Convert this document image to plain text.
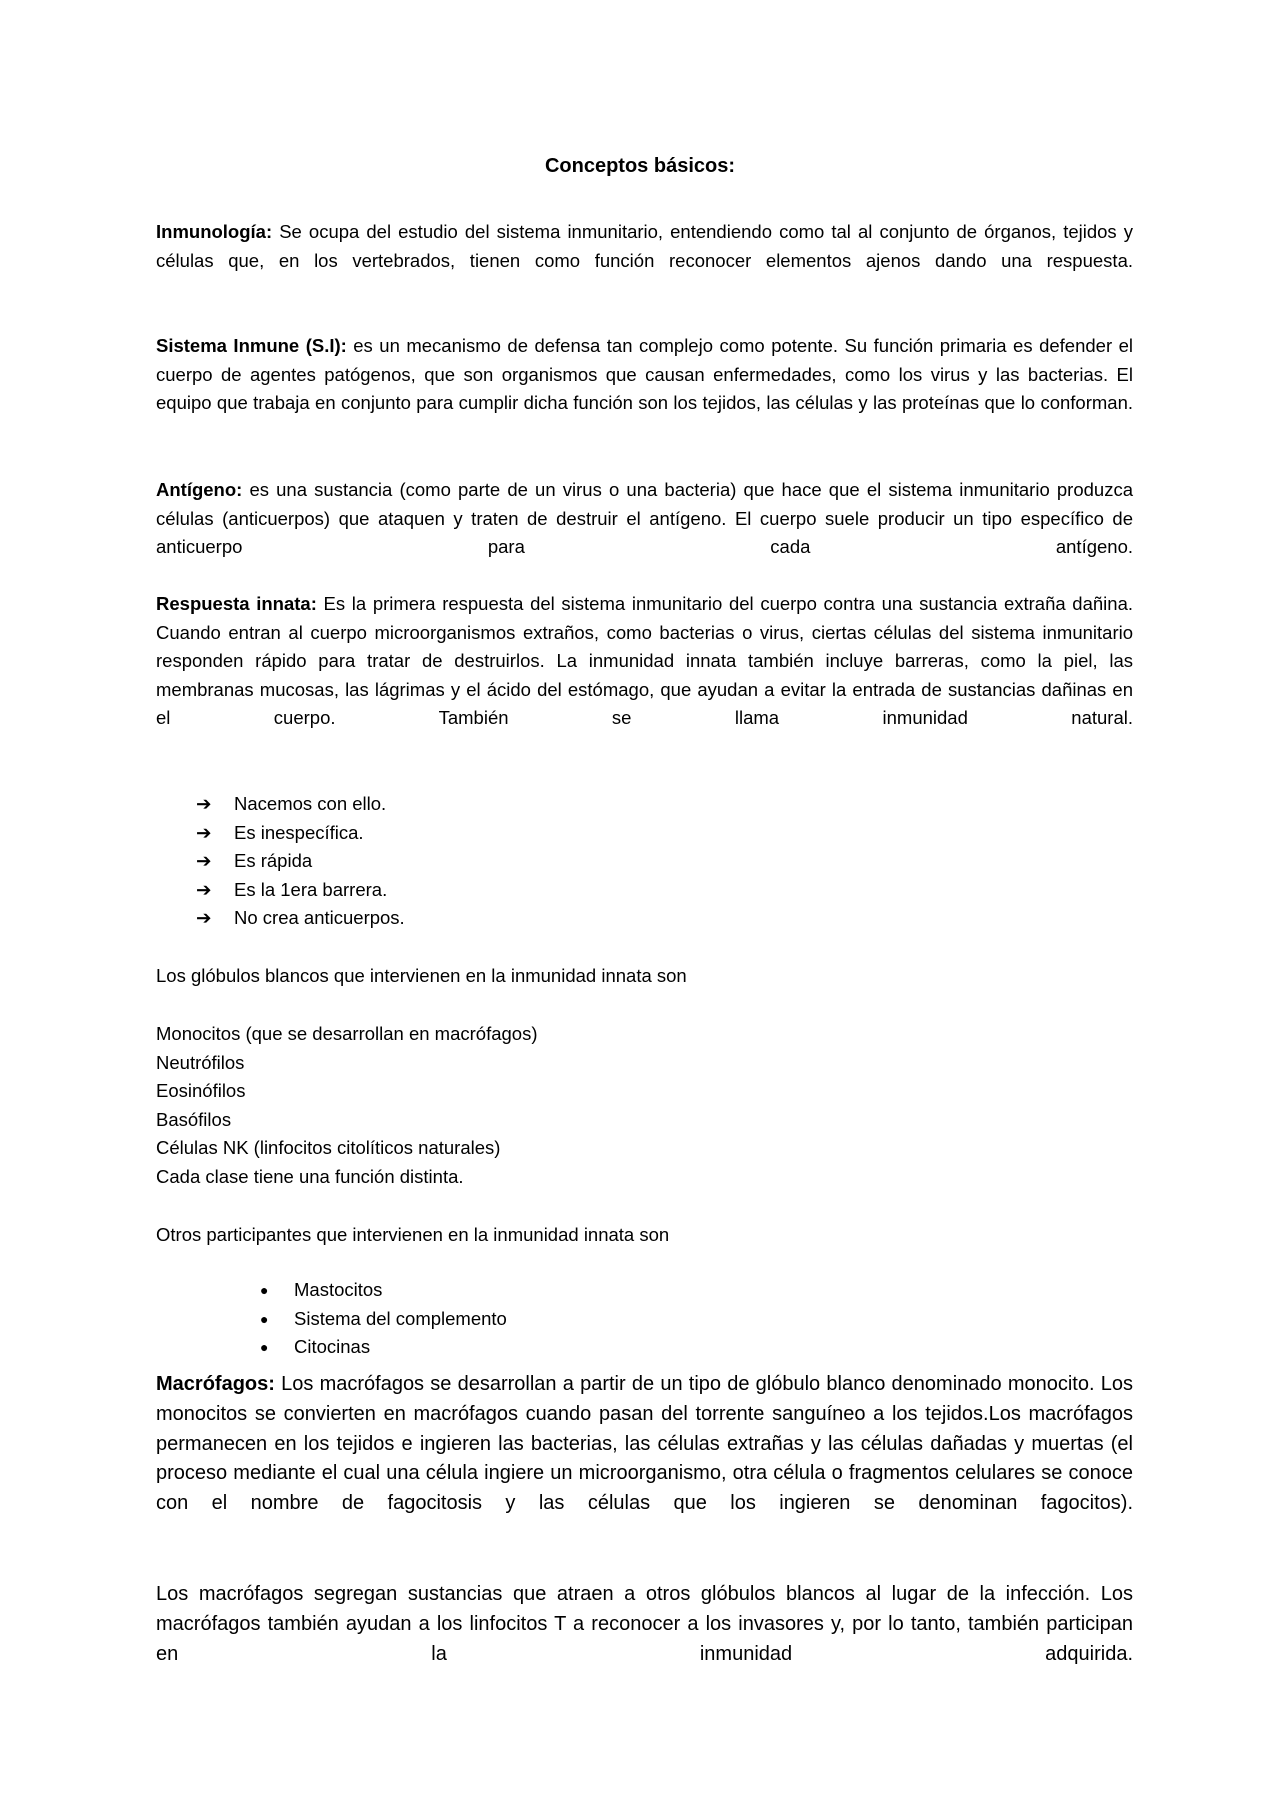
Conceptos básicos:

Inmunología: Se ocupa del estudio del sistema inmunitario, entendiendo como tal al conjunto de órganos, tejidos y células que, en los vertebrados, tienen como función reconocer elementos ajenos dando una respuesta.

Sistema Inmune (S.I): es un mecanismo de defensa tan complejo como potente. Su función primaria es defender el cuerpo de agentes patógenos, que son organismos que causan enfermedades, como los virus y las bacterias. El equipo que trabaja en conjunto para cumplir dicha función son los tejidos, las células y las proteínas que lo conforman.

Antígeno: es una sustancia (como parte de un virus o una bacteria) que hace que el sistema inmunitario produzca células (anticuerpos) que ataquen y traten de destruir el antígeno. El cuerpo suele producir un tipo específico de anticuerpo para cada antígeno.

Respuesta innata: Es la primera respuesta del sistema inmunitario del cuerpo contra una sustancia extraña dañina. Cuando entran al cuerpo microorganismos extraños, como bacterias o virus, ciertas células del sistema inmunitario responden rápido para tratar de destruirlos. La inmunidad innata también incluye barreras, como la piel, las membranas mucosas, las lágrimas y el ácido del estómago, que ayudan a evitar la entrada de sustancias dañinas en el cuerpo. También se llama inmunidad natural.

➔ Nacemos con ello.
➔ Es inespecífica.
➔ Es rápida
➔ Es la 1era barrera.
➔ No crea anticuerpos.
Los glóbulos blancos que intervienen en la inmunidad innata son

Monocitos (que se desarrollan en macrófagos)

Neutrófilos

Eosinófilos

Basófilos

Células NK (linfocitos citolíticos naturales)

Cada clase tiene una función distinta.

Otros participantes que intervienen en la inmunidad innata son
● Mastocitos
● Sistema del complemento
● Citocinas

Macrófagos: Los macrófagos se desarrollan a partir de un tipo de glóbulo blanco denominado monocito. Los monocitos se convierten en macrófagos cuando pasan del torrente sanguíneo a los tejidos.Los macrófagos permanecen en los tejidos e ingieren las bacterias, las células extrañas y las células dañadas y muertas (el proceso mediante el cual una célula ingiere un microorganismo, otra célula o fragmentos celulares se conoce con el nombre de fagocitosis y las células que los ingieren se denominan fagocitos).

Los macrófagos segregan sustancias que atraen a otros glóbulos blancos al lugar de la infección. Los macrófagos también ayudan a los linfocitos T a reconocer a los invasores y, por lo tanto, también participan en la inmunidad adquirida.
